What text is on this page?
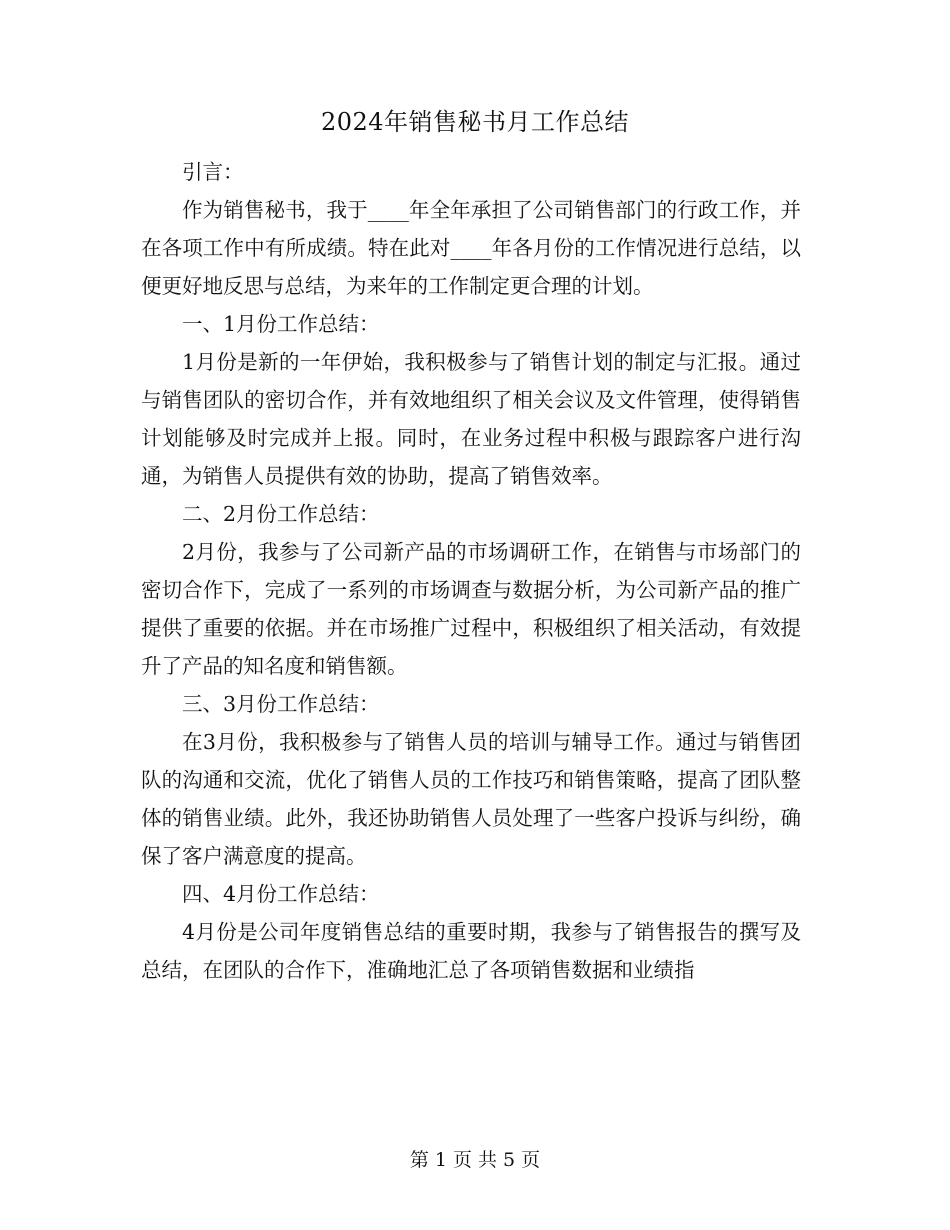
2024年销售秘书月工作总结

引言：

作为销售秘书，我于____年全年承担了公司销售部门的行政工作，并在各项工作中有所成绩。特在此对____年各月份的工作情况进行总结，以便更好地反思与总结，为来年的工作制定更合理的计划。

一、1月份工作总结：

1月份是新的一年伊始，我积极参与了销售计划的制定与汇报。通过与销售团队的密切合作，并有效地组织了相关会议及文件管理，使得销售计划能够及时完成并上报。同时，在业务过程中积极与跟踪客户进行沟通，为销售人员提供有效的协助，提高了销售效率。

二、2月份工作总结：

2月份，我参与了公司新产品的市场调研工作，在销售与市场部门的密切合作下，完成了一系列的市场调查与数据分析，为公司新产品的推广提供了重要的依据。并在市场推广过程中，积极组织了相关活动，有效提升了产品的知名度和销售额。

三、3月份工作总结：

在3月份，我积极参与了销售人员的培训与辅导工作。通过与销售团队的沟通和交流，优化了销售人员的工作技巧和销售策略，提高了团队整体的销售业绩。此外，我还协助销售人员处理了一些客户投诉与纠纷，确保了客户满意度的提高。

四、4月份工作总结：

4月份是公司年度销售总结的重要时期，我参与了销售报告的撰写及总结，在团队的合作下，准确地汇总了各项销售数据和业绩指

第 1 页 共 5 页
